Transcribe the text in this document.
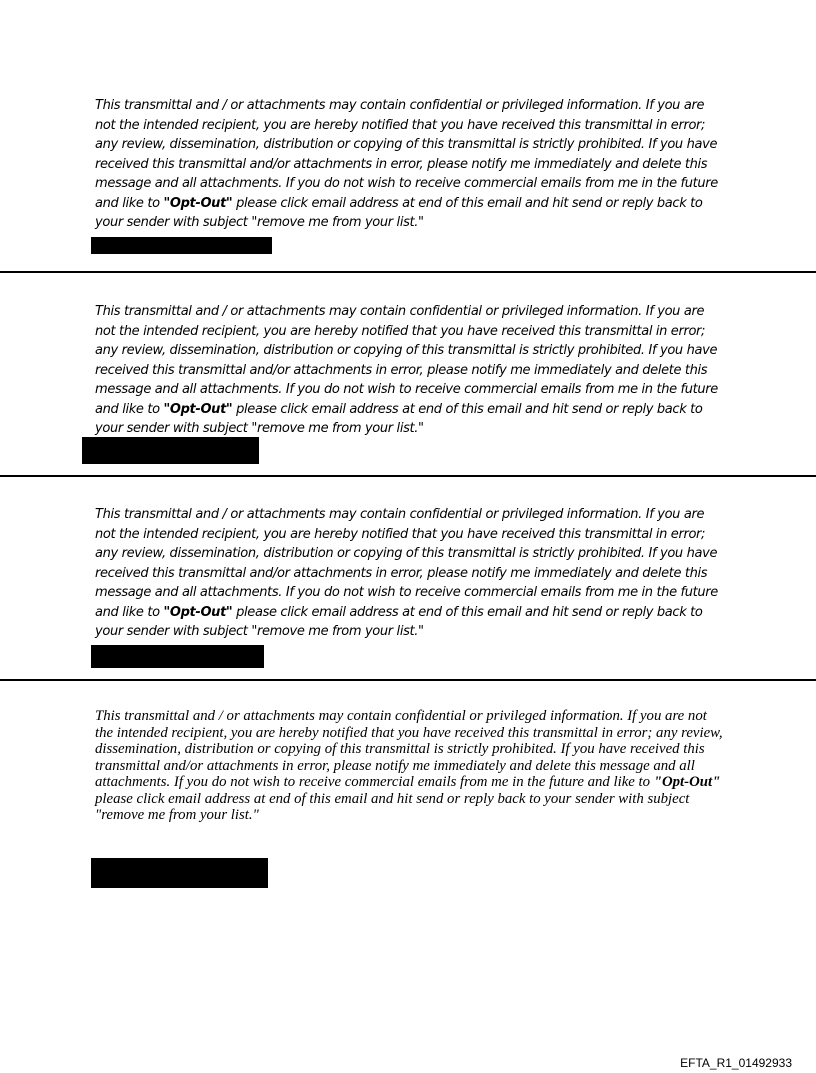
This transmittal and / or attachments may contain confidential or privileged information. If you are not the intended recipient, you are hereby notified that you have received this transmittal in error; any review, dissemination, distribution or copying of this transmittal is strictly prohibited. If you have received this transmittal and/or attachments in error, please notify me immediately and delete this message and all attachments. If you do not wish to receive commercial emails from me in the future and like to "Opt-Out" please click email address at end of this email and hit send or reply back to your sender with subject "remove me from your list."

This transmittal and / or attachments may contain confidential or privileged information. If you are not the intended recipient, you are hereby notified that you have received this transmittal in error; any review, dissemination, distribution or copying of this transmittal is strictly prohibited. If you have received this transmittal and/or attachments in error, please notify me immediately and delete this message and all attachments. If you do not wish to receive commercial emails from me in the future and like to "Opt-Out" please click email address at end of this email and hit send or reply back to your sender with subject "remove me from your list."

This transmittal and / or attachments may contain confidential or privileged information. If you are not the intended recipient, you are hereby notified that you have received this transmittal in error; any review, dissemination, distribution or copying of this transmittal is strictly prohibited. If you have received this transmittal and/or attachments in error, please notify me immediately and delete this message and all attachments. If you do not wish to receive commercial emails from me in the future and like to "Opt-Out" please click email address at end of this email and hit send or reply back to your sender with subject "remove me from your list."

This transmittal and / or attachments may contain confidential or privileged information. If you are not the intended recipient, you are hereby notified that you have received this transmittal in error; any review, dissemination, distribution or copying of this transmittal is strictly prohibited. If you have received this transmittal and/or attachments in error, please notify me immediately and delete this message and all attachments. If you do not wish to receive commercial emails from me in the future and like to "Opt-Out" please click email address at end of this email and hit send or reply back to your sender with subject "remove me from your list."

EFTA_R1_01492933
